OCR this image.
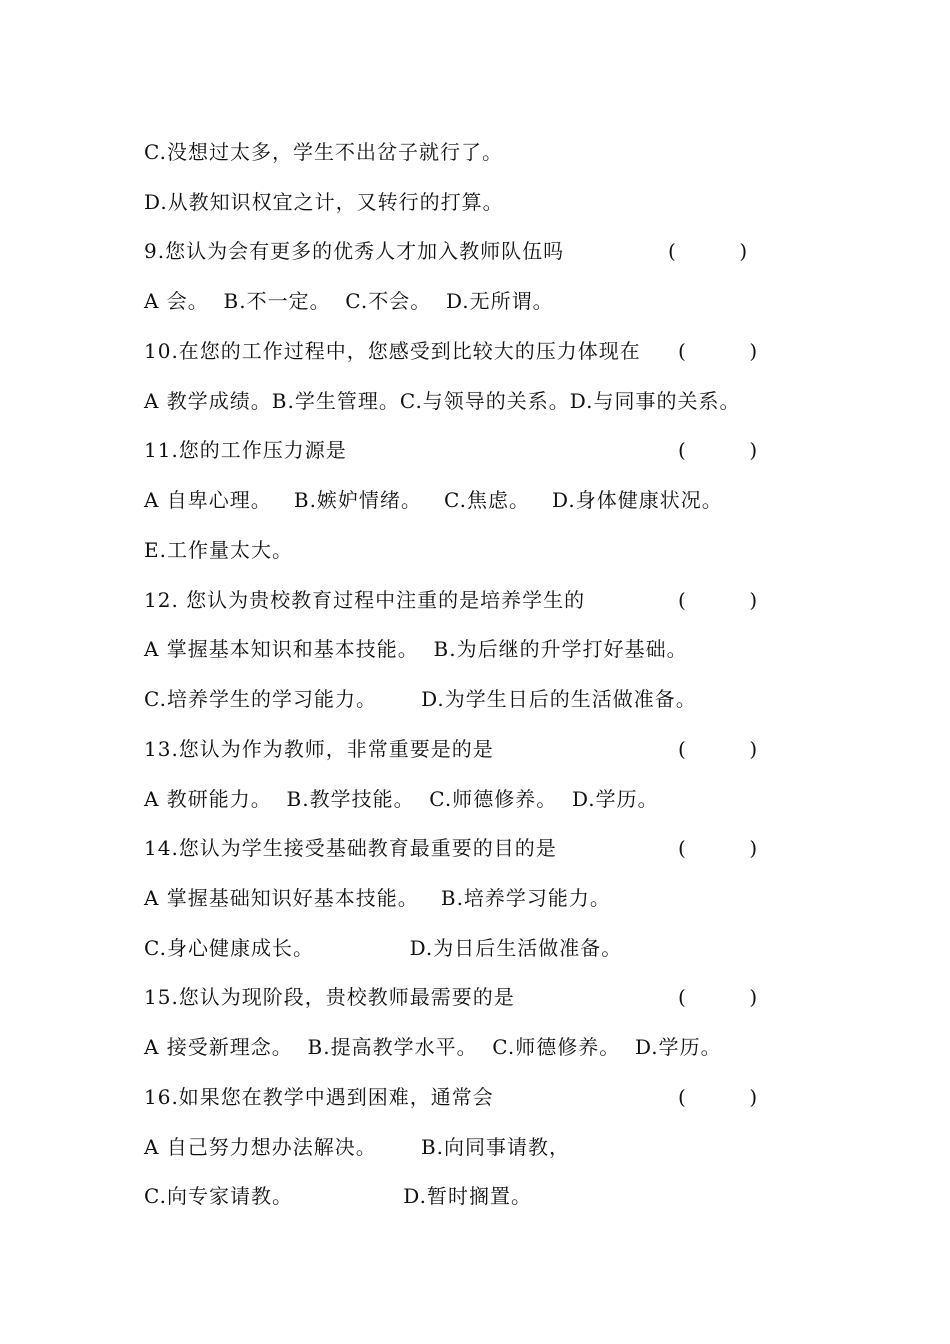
C.没想过太多，学生不出岔子就行了。
D.从教知识权宜之计，又转行的打算。
9.您认为会有更多的优秀人才加入教师队伍吗	(          )
A 会。  B.不一定。  C.不会。  D.无所谓。
10.在您的工作过程中，您感受到比较大的压力体现在 (          )
A 教学成绩。B.学生管理。C.与领导的关系。D.与同事的关系。
11.您的工作压力源是	(          )
A 自卑心理。   B.嫉妒情绪。   C.焦虑。   D.身体健康状况。
E.工作量太大。
12. 您认为贵校教育过程中注重的是培养学生的	(          )
A 掌握基本知识和基本技能。  B.为后继的升学打好基础。
C.培养学生的学习能力。      D.为学生日后的生活做准备。
13.您认为作为教师，非常重要是的是	(          )
A 教研能力。  B.教学技能。  C.师德修养。  D.学历。
14.您认为学生接受基础教育最重要的目的是	(          )
A 掌握基础知识好基本技能。   B.培养学习能力。
C.身心健康成长。             D.为日后生活做准备。
15.您认为现阶段，贵校教师最需要的是	(          )
A 接受新理念。  B.提高教学水平。  C.师德修养。  D.学历。
16.如果您在教学中遇到困难，通常会	(          )
A 自己努力想办法解决。      B.向同事请教，
C.向专家请教。               D.暂时搁置。
